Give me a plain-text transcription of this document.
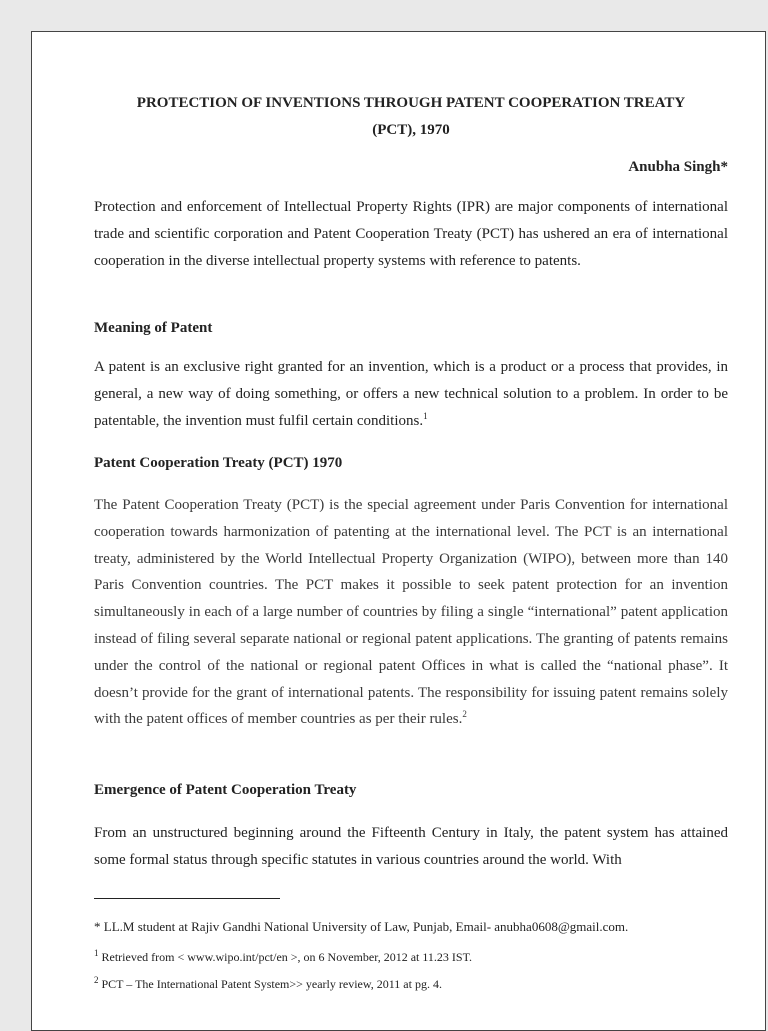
PROTECTION OF INVENTIONS THROUGH PATENT COOPERATION TREATY
(PCT), 1970
Anubha Singh*

Protection and enforcement of Intellectual Property Rights (IPR) are major components of international trade and scientific corporation and Patent Cooperation Treaty (PCT) has ushered an era of international cooperation in the diverse intellectual property systems with reference to patents.

Meaning of Patent

A patent is an exclusive right granted for an invention, which is a product or a process that provides, in general, a new way of doing something, or offers a new technical solution to a problem. In order to be patentable, the invention must fulfil certain conditions.$^1$

Patent Cooperation Treaty (PCT) 1970

The Patent Cooperation Treaty (PCT) is the special agreement under Paris Convention for international cooperation towards harmonization of patenting at the international level. The PCT is an international treaty, administered by the World Intellectual Property Organization (WIPO), between more than 140 Paris Convention countries. The PCT makes it possible to seek patent protection for an invention simultaneously in each of a large number of countries by filing a single “international” patent application instead of filing several separate national or regional patent applications. The granting of patents remains under the control of the national or regional patent Offices in what is called the “national phase”. It doesn’t provide for the grant of international patents. The responsibility for issuing patent remains solely with the patent offices of member countries as per their rules.$^2$

Emergence of Patent Cooperation Treaty

From an unstructured beginning around the Fifteenth Century in Italy, the patent system has attained some formal status through specific statutes in various countries around the world. With

* LL.M student at Rajiv Gandhi National University of Law, Punjab, Email- anubha0608@gmail.com.

$^1$ Retrieved from < www.wipo.int/pct/en >, on 6 November, 2012 at 11.23 IST.

$^2$ PCT – The International Patent System>> yearly review, 2011 at pg. 4.
